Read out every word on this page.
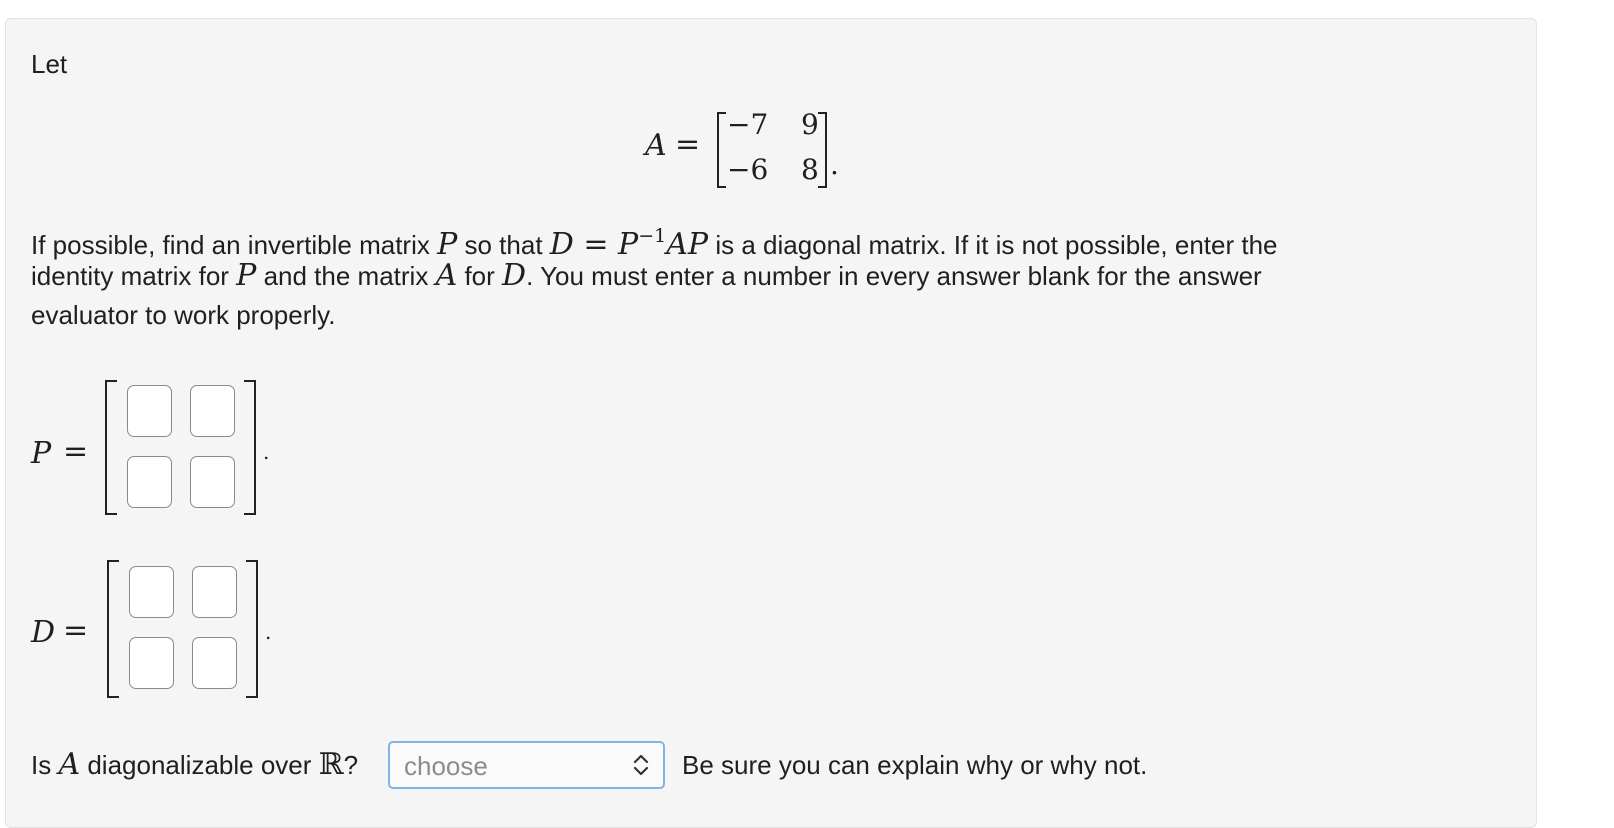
Let
A =
−7 9
−6 8 .
If possible, find an invertible matrix P so that $D = P^{-1}AP$ is a diagonal matrix. If it is not possible, enter the
identity matrix for P and the matrix A for D. You must enter a number in every answer blank for the answer
evaluator to work properly.
P =	.
D =	.
Is A diagonalizable over ℝ? choose	Be sure you can explain why or why not.
